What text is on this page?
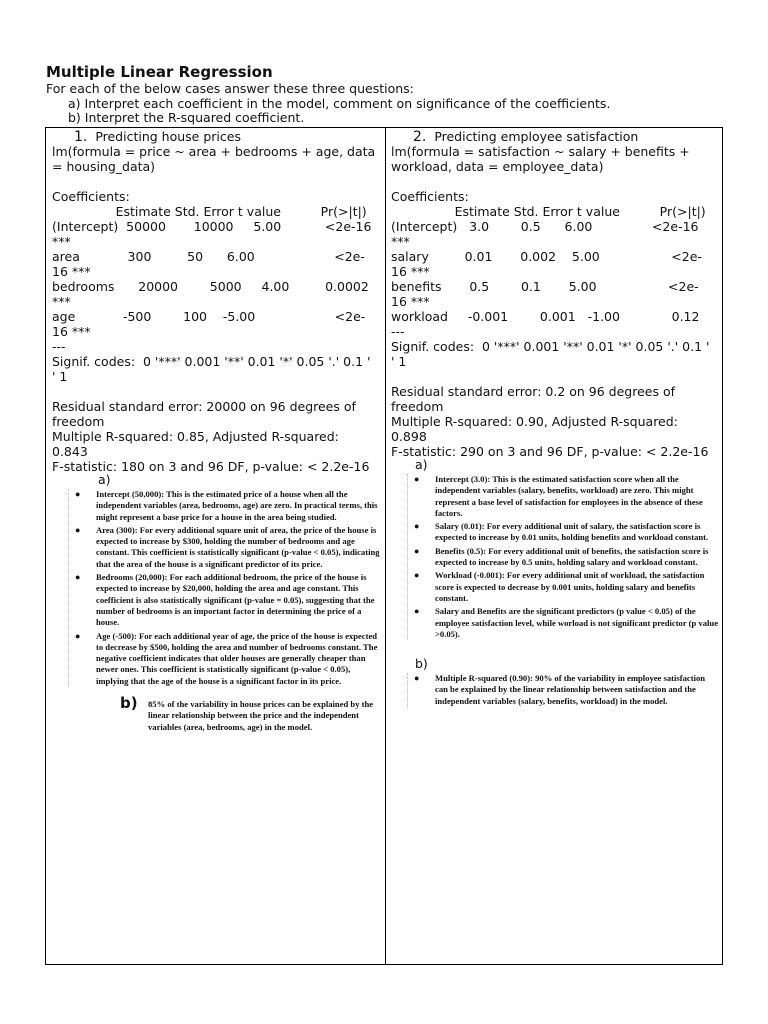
Multiple Linear Regression
For each of the below cases answer these three questions:
a) Interpret each coefficient in the model, comment on significance of the coefficients.
b) Interpret the R-squared coefficient.
1. Predicting house prices
lm(formula = price ~ area + bedrooms + age, data
= housing_data)
Coefficients:
Estimate Std. Error t value          Pr(>|t|)
(Intercept)  50000       10000     5.00           <2e-16
***
area            300         50      6.00                    <2e-
16 ***
bedrooms      20000        5000     4.00         0.0002
***
age            -500        100    -5.00                    <2e-
16 ***
---
Signif. codes:  0 '***' 0.001 '**' 0.01 '*' 0.05 '.' 0.1 '
' 1
Residual standard error: 20000 on 96 degrees of
freedom
Multiple R-squared: 0.85, Adjusted R-squared:
0.843
F-statistic: 180 on 3 and 96 DF, p-value: < 2.2e-16
a)
● Intercept (50,000): This is the estimated price of a house when all the independent variables (area, bedrooms, age) are zero. In practical terms, this might represent a base price for a house in the area being studied.
● Area (300): For every additional square unit of area, the price of the house is expected to increase by $300, holding the number of bedrooms and age constant. This coefficient is statistically significant (p-value < 0.05), indicating that the area of the house is a significant predictor of its price.
● Bedrooms (20,000): For each additional bedroom, the price of the house is expected to increase by $20,000, holding the area and age constant. This coefficient is also statistically significant (p-value = 0.05), suggesting that the number of bedrooms is an important factor in determining the price of a house.
● Age (-500): For each additional year of age, the price of the house is expected to decrease by $500, holding the area and number of bedrooms constant. The negative coefficient indicates that older houses are generally cheaper than newer ones. This coefficient is statistically significant (p-value < 0.05), implying that the age of the house is a significant factor in its price.
b)	85% of the variability in house prices can be explained by the linear relationship between the price and the independent variables (area, bedrooms, age) in the model.
2. Predicting employee satisfaction
lm(formula = satisfaction ~ salary + benefits +
workload, data = employee_data)
Coefficients:
Estimate Std. Error t value          Pr(>|t|)
(Intercept)   3.0        0.5      6.00               <2e-16
***
salary         0.01       0.002    5.00                  <2e-
16 ***
benefits       0.5        0.1       5.00                  <2e-
16 ***
workload     -0.001        0.001   -1.00             0.12
---
Signif. codes:  0 '***' 0.001 '**' 0.01 '*' 0.05 '.' 0.1 '
' 1
Residual standard error: 0.2 on 96 degrees of
freedom
Multiple R-squared: 0.90, Adjusted R-squared:
0.898
F-statistic: 290 on 3 and 96 DF, p-value: < 2.2e-16
a)
● Intercept (3.0): This is the estimated satisfaction score when all the independent variables (salary, benefits, workload) are zero. This might represent a base level of satisfaction for employees in the absence of these factors.
● Salary (0.01): For every additional unit of salary, the satisfaction score is expected to increase by 0.01 units, holding benefits and workload constant.
● Benefits (0.5): For every additional unit of benefits, the satisfaction score is expected to increase by 0.5 units, holding salary and workload constant.
● Workload (-0.001): For every additional unit of workload, the satisfaction score is expected to decrease by 0.001 units, holding salary and benefits constant.
● Salary and Benefits are the significant predictors (p value < 0.05) of the employee satisfaction level, while worload is not significant predictor (p value >0.05).
b)
● Multiple R-squared (0.90): 90% of the variability in employee satisfaction can be explained by the linear relationship between satisfaction and the independent variables (salary, benefits, workload) in the model.
